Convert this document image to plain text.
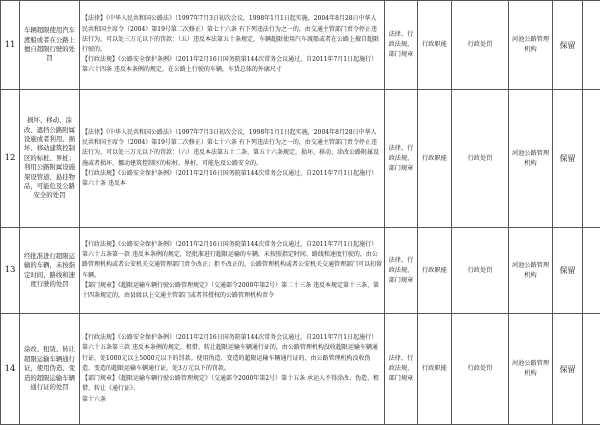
11	车辆超限使用汽车渡船或者在公路上擅自超限行驶的处罚	【法律】《中华人民共和国公路法》（1997年7月3日初次会议，1998年1月1日起实施，2004年8月28日中华人民共和国主席令（2004）第19号第二次修正）第七十六条 有下列违法行为之一的，由交通主管部门责令停止违法行为，可以处三万元以下的罚款：（五）违反本法第五十条规定，车辆超限使用汽车渡船或者在公路上擅自超限行驶的。

【行政法规】《公路安全保护条例》（2011年2月16日国务院第144次常务会议通过，自2011年7月1日起施行）第六十四条 违反本条例的规定，在公路上行驶的车辆，车货总体的外廓尺寸	法律、行政法规、部门规章	行政职能	行政处罚	河池公路管理机构	保留	
12	损坏、移动、涂改、遮挡公路附属设施或者利用、损坏、移动建筑控制区的标桩、界桩；利用公路附属设施架设管道、悬挂物品，可能危及公路安全的处罚	【法律】《中华人民共和国公路法》（1997年7月3日初次会议，1998年1月1日起实施，2004年8月28日中华人民共和国主席令（2004）第19号第二次修正）第七十六条 有下列违法行为之一的，由交通主管部门责令停止违法行为，可以处三万元以下的罚款：（六）违反本法第五十二条、第五十六条规定，损坏、移动、涂改公路附属设施或者损坏、挪动建筑控制区的标桩、界桩，可能危及公路安全的。

【行政法规】《公路安全保护条例》（2011年2月16日国务院第144次常务会议通过，自2011年7月1日起施行）第六十条 违反本	法律、行政法规、部门规章	行政职能	行政处罚	河池公路管理机构	保留	
13	经批准进行超限运输的车辆，未按指定时间、路线和速度行驶的处罚	【行政法规】《公路安全保护条例》（2011年2月16日国务院第144次常务会议通过，自2011年7月1日起施行）第六十五条第一款 违反本条例的规定，经批准进行超限运输的车辆，未按照指定时间、路线和速度行驶的，由公路管理机构或者公安机关交通管理部门责令改正；拒不改正的，公路管理机构或者公安机关交通管理部门可以扣留车辆。

【部门规章】《超限运输车辆行驶公路管理规定》（交通部令2000年第2号）第二十三条 违反本规定第十三条、第十四条规定的，由县级以上交通主管部门或者其授权的公路管理机构责令	法律、行政法规、部门规章	行政职能	行政处罚	河池公路管理机构	保留	
14	涂改、租赁、转让超限运输车辆通行证，使用伪造、变造的超限运输车辆通行证的处罚	【行政法规】《公路安全保护条例》（2011年2月16日国务院第144次常务会议通过，自2011年7月1日起施行）第六十五条第三款 违反本条例的规定，租借、转让超限运输车辆通行证的，由公路管理机构没收超限运输车辆通行证，处1000元以上5000元以下的罚款。使用伪造、变造的超限运输车辆通行证的，由公路管理机构没收伪造、变造的超限运输车辆通行证，处3万元以下的罚款。

【部门规章】《超限运输车辆行驶公路管理规定》（交通部令2000年第2号）第十五条 承运人不得涂改、伪造、租借、转让《通行证》。

第十六条	法律、行政法规、部门规章	行政职能	行政处罚	河池公路管理机构	保留	
